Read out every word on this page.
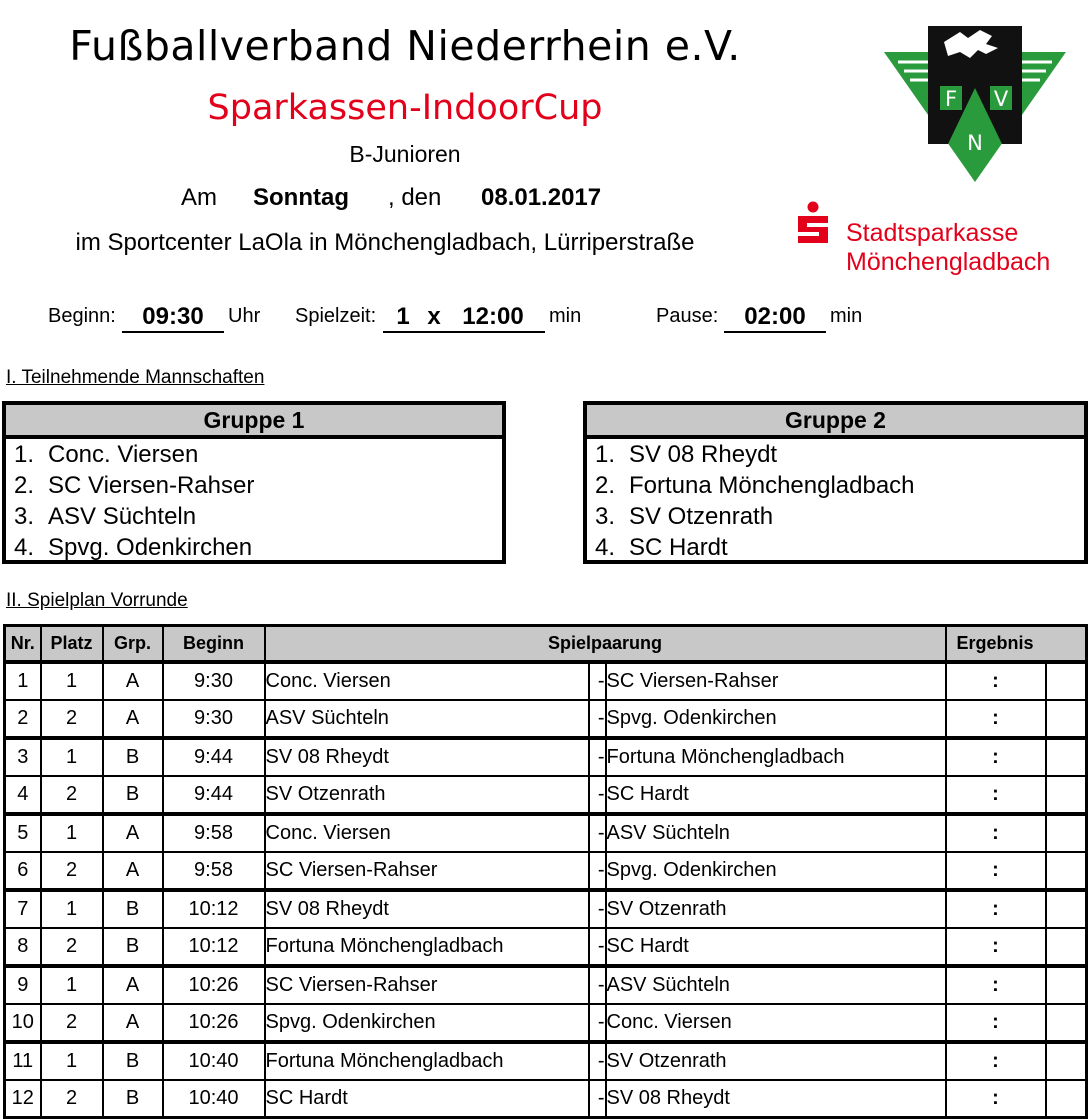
Fußballverband Niederrhein e.V.
Sparkassen-IndoorCup
B-Junioren
Am Sonntag , den 08.01.2017
im Sportcenter LaOla in Mönchengladbach, Lürriperstraße
F V
N
Stadtsparkasse
Mönchengladbach
Beginn:	09:30	Uhr Spielzeit: 1 x 12:00	min	Pause:	02:00	min
I. Teilnehmende Mannschaften
Gruppe 1
1. Conc. Viersen
2. SC Viersen-Rahser
3. ASV Süchteln
4. Spvg. Odenkirchen
Gruppe 2
1. SV 08 Rheydt
2. Fortuna Mönchengladbach
3. SV Otzenrath
4. SC Hardt
II. Spielplan Vorrunde
Nr.	Platz	Grp.	Beginn	Spielpaarung			Ergebnis	
1	1	A	9:30	Conc. Viersen	-	SC Viersen-Rahser	:	
2	2	A	9:30	ASV Süchteln	-	Spvg. Odenkirchen	:	
3	1	B	9:44	SV 08 Rheydt	-	Fortuna Mönchengladbach	:	
4	2	B	9:44	SV Otzenrath	-	SC Hardt	:	
5	1	A	9:58	Conc. Viersen	-	ASV Süchteln	:	
6	2	A	9:58	SC Viersen-Rahser	-	Spvg. Odenkirchen	:	
7	1	B	10:12	SV 08 Rheydt	-	SV Otzenrath	:	
8	2	B	10:12	Fortuna Mönchengladbach	-	SC Hardt	:	
9	1	A	10:26	SC Viersen-Rahser	-	ASV Süchteln	:	
10	2	A	10:26	Spvg. Odenkirchen	-	Conc. Viersen	:	
11	1	B	10:40	Fortuna Mönchengladbach	-	SV Otzenrath	:	
12	2	B	10:40	SC Hardt	-	SV 08 Rheydt	:	
